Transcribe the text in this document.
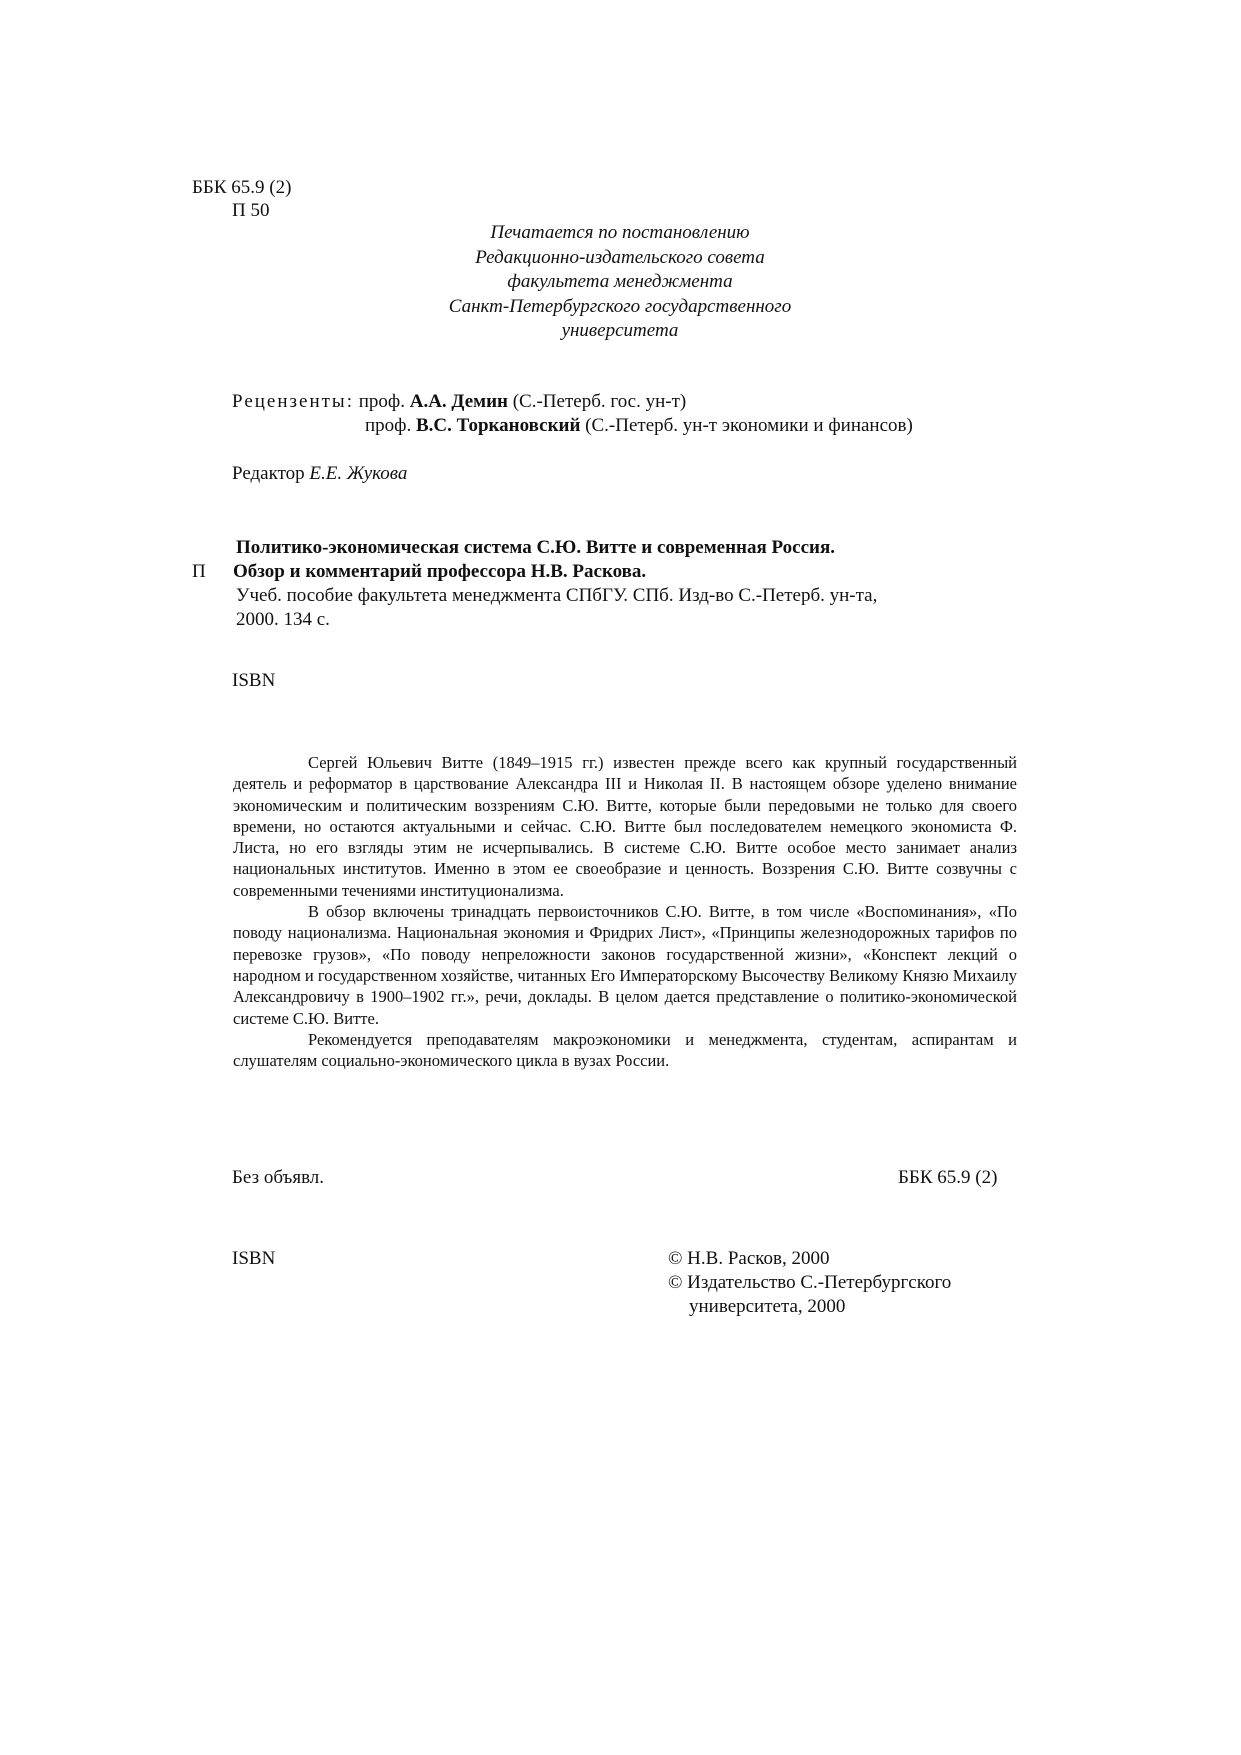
ББК 65.9 (2)
П 50
Печатается по постановлению
Редакционно-издательского совета
факультета менеджмента
Санкт-Петербургского государственного
университета
Рецензенты: проф. А.А. Демин (С.-Петерб. гос. ун-т)
проф. В.С. Торкановский (С.-Петерб. ун-т экономики и финансов)
Редактор Е.Е. Жукова
Политико-экономическая система С.Ю. Витте и современная Россия.
П Обзор и комментарий профессора Н.В. Раскова.
Учеб. пособие факультета менеджмента СПбГУ. СПб. Изд-во С.-Петерб. ун-та,
2000. 134 с.
ISBN

Сергей Юльевич Витте (1849–1915 гг.) известен прежде всего как крупный государственный деятель и реформатор в царствование Александра III и Николая II. В настоящем обзоре уделено внимание экономическим и политическим воззрениям С.Ю. Витте, которые были передовыми не только для своего времени, но остаются актуальными и сейчас. С.Ю. Витте был последователем немецкого экономиста Ф. Листа, но его взгляды этим не исчерпывались. В системе С.Ю. Витте особое место занимает анализ национальных институтов. Именно в этом ее своеобразие и ценность. Воззрения С.Ю. Витте созвучны с современными течениями институционализма.

В обзор включены тринадцать первоисточников С.Ю. Витте, в том числе «Воспоминания», «По поводу национализма. Национальная экономия и Фридрих Лист», «Принципы железнодорожных тарифов по перевозке грузов», «По поводу непреложности законов государственной жизни», «Конспект лекций о народном и государственном хозяйстве, читанных Его Императорскому Высочеству Великому Князю Михаилу Александровичу в 1900–1902 гг.», речи, доклады. В целом дается представление о политико-экономической системе С.Ю. Витте.

Рекомендуется преподавателям макроэкономики и менеджмента, студентам, аспирантам и слушателям социально-экономического цикла в вузах России.

Без объявл.	ББК 65.9 (2)
ISBN	© Н.В. Расков, 2000
© Издательство С.-Петербургского
университета, 2000
